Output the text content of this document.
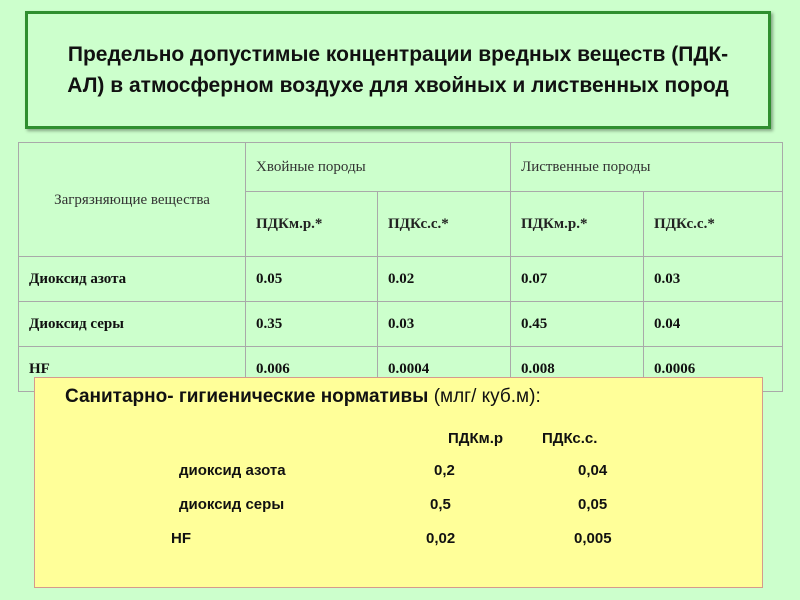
Предельно допустимые концентрации вредных веществ (ПДК-АЛ) в атмосферном воздухе для хвойных и лиственных пород
Загрязняющие вещества	Хвойные породы		Лиственные породы	
	ПДКм.р.*	ПДКс.с.*	ПДКм.р.*	ПДКс.с.*
Диоксид азота	0.05	0.02	0.07	0.03
Диоксид серы	0.35	0.03	0.45	0.04
HF	0.006	0.0004	0.008	0.0006
Санитарно- гигиенические нормативы (млг/ куб.м):
ПДКм.р	ПДКс.с.
диоксид азота	0,2	0,04
диоксид серы	0,5	0,05
HF	0,02	0,005
